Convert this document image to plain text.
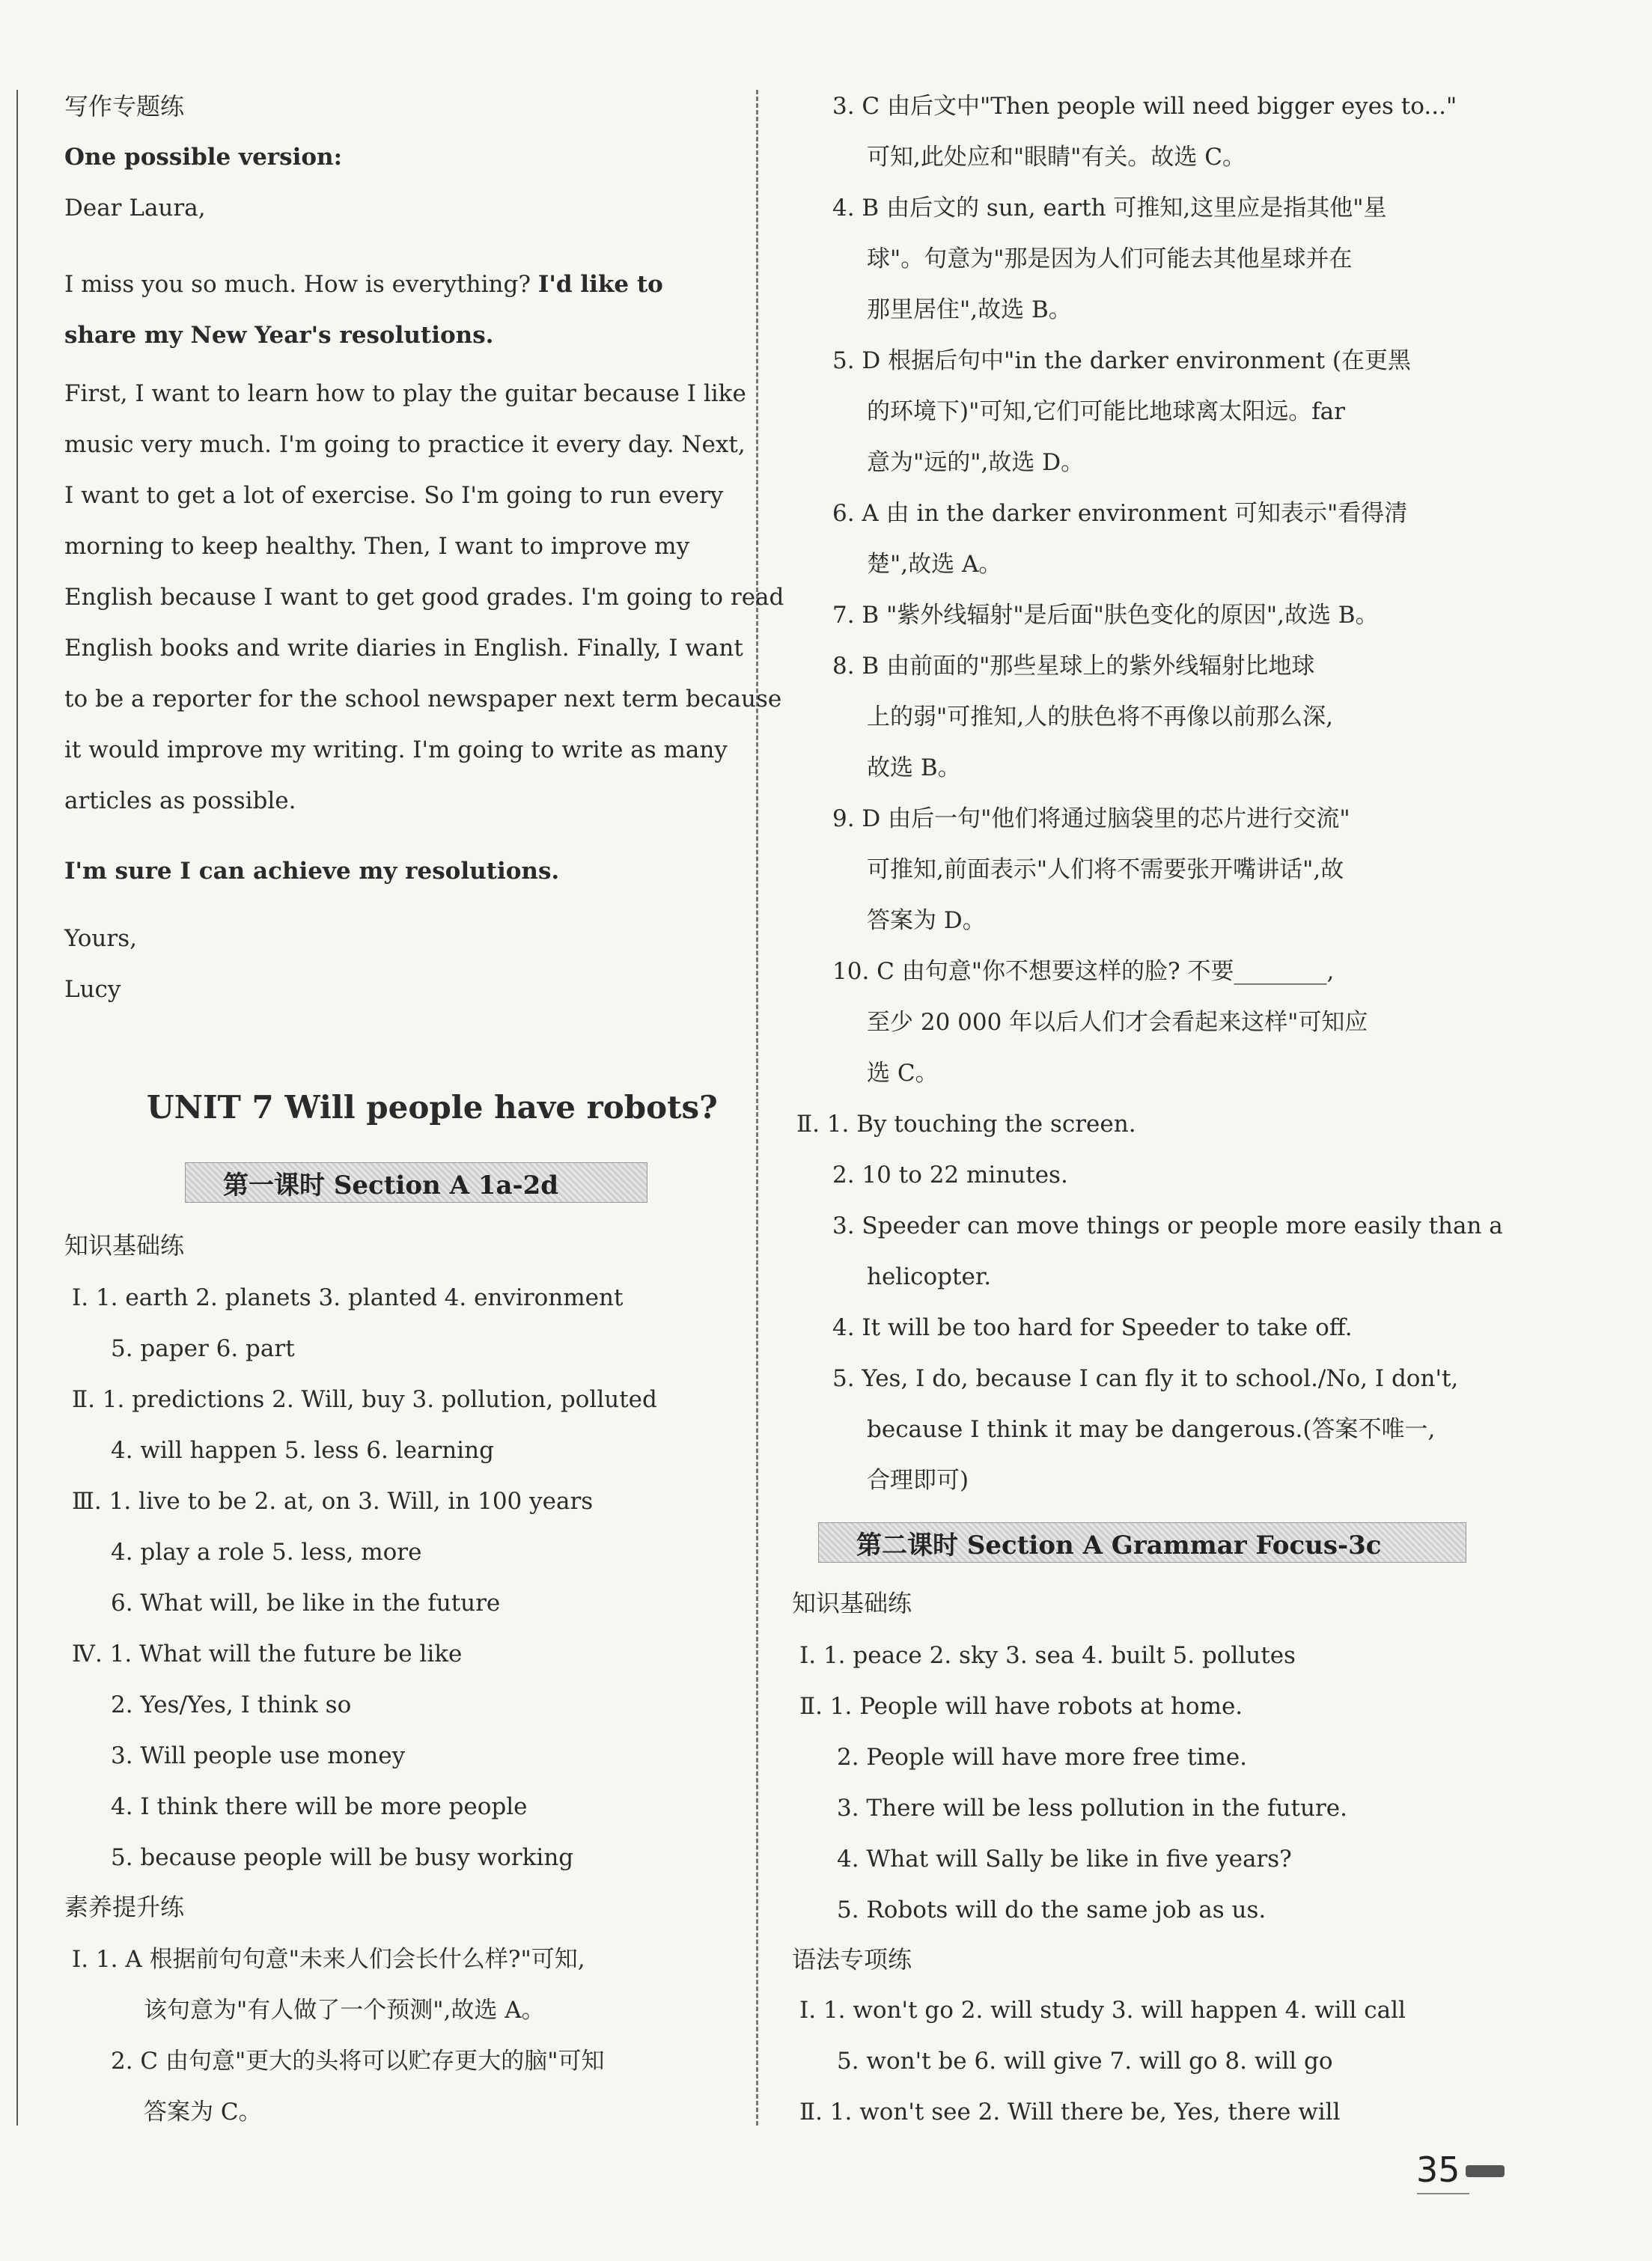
写作专题练
One possible version:
Dear Laura,
I miss you so much. How is everything? I'd like to share my New Year's resolutions.
First, I want to learn how to play the guitar because I like
music very much. I'm going to practice it every day. Next,
I want to get a lot of exercise. So I'm going to run every
morning to keep healthy. Then, I want to improve my
English because I want to get good grades. I'm going to read
English books and write diaries in English. Finally, I want
to be a reporter for the school newspaper next term because
it would improve my writing. I'm going to write as many
articles as possible.
I'm sure I can achieve my resolutions.
Yours,
Lucy
UNIT 7 Will people have robots?
第一课时 Section A 1a-2d
知识基础练
Ⅰ. 1. earth 2. planets 3. planted 4. environment
5. paper 6. part
Ⅱ. 1. predictions 2. Will, buy 3. pollution, polluted
4. will happen 5. less 6. learning
Ⅲ. 1. live to be 2. at, on 3. Will, in 100 years
4. play a role 5. less, more
6. What will, be like in the future
Ⅳ. 1. What will the future be like
2. Yes/Yes, I think so
3. Will people use money
4. I think there will be more people
5. because people will be busy working
素养提升练
Ⅰ. 1. A 根据前句句意"未来人们会长什么样?"可知,
该句意为"有人做了一个预测",故选 A。
2. C 由句意"更大的头将可以贮存更大的脑"可知
答案为 C。
3. C 由后文中"Then people will need bigger eyes to..."
可知,此处应和"眼睛"有关。故选 C。
4. B 由后文的 sun, earth 可推知,这里应是指其他"星
球"。句意为"那是因为人们可能去其他星球并在
那里居住",故选 B。
5. D 根据后句中"in the darker environment (在更黑
的环境下)"可知,它们可能比地球离太阳远。far
意为"远的",故选 D。
6. A 由 in the darker environment 可知表示"看得清
楚",故选 A。
7. B "紫外线辐射"是后面"肤色变化的原因",故选 B。
8. B 由前面的"那些星球上的紫外线辐射比地球
上的弱"可推知,人的肤色将不再像以前那么深,
故选 B。
9. D 由后一句"他们将通过脑袋里的芯片进行交流"
可推知,前面表示"人们将不需要张开嘴讲话",故
答案为 D。
10. C 由句意"你不想要这样的脸? 不要________,
至少 20 000 年以后人们才会看起来这样"可知应
选 C。
Ⅱ. 1. By touching the screen.
2. 10 to 22 minutes.
3. Speeder can move things or people more easily than a
helicopter.
4. It will be too hard for Speeder to take off.
5. Yes, I do, because I can fly it to school./No, I don't,
because I think it may be dangerous.(答案不唯一,
合理即可)
第二课时 Section A Grammar Focus-3c
知识基础练
Ⅰ. 1. peace 2. sky 3. sea 4. built 5. pollutes
Ⅱ. 1. People will have robots at home.
2. People will have more free time.
3. There will be less pollution in the future.
4. What will Sally be like in five years?
5. Robots will do the same job as us.
语法专项练
Ⅰ. 1. won't go 2. will study 3. will happen 4. will call
5. won't be 6. will give 7. will go 8. will go
Ⅱ. 1. won't see 2. Will there be, Yes, there will
35
